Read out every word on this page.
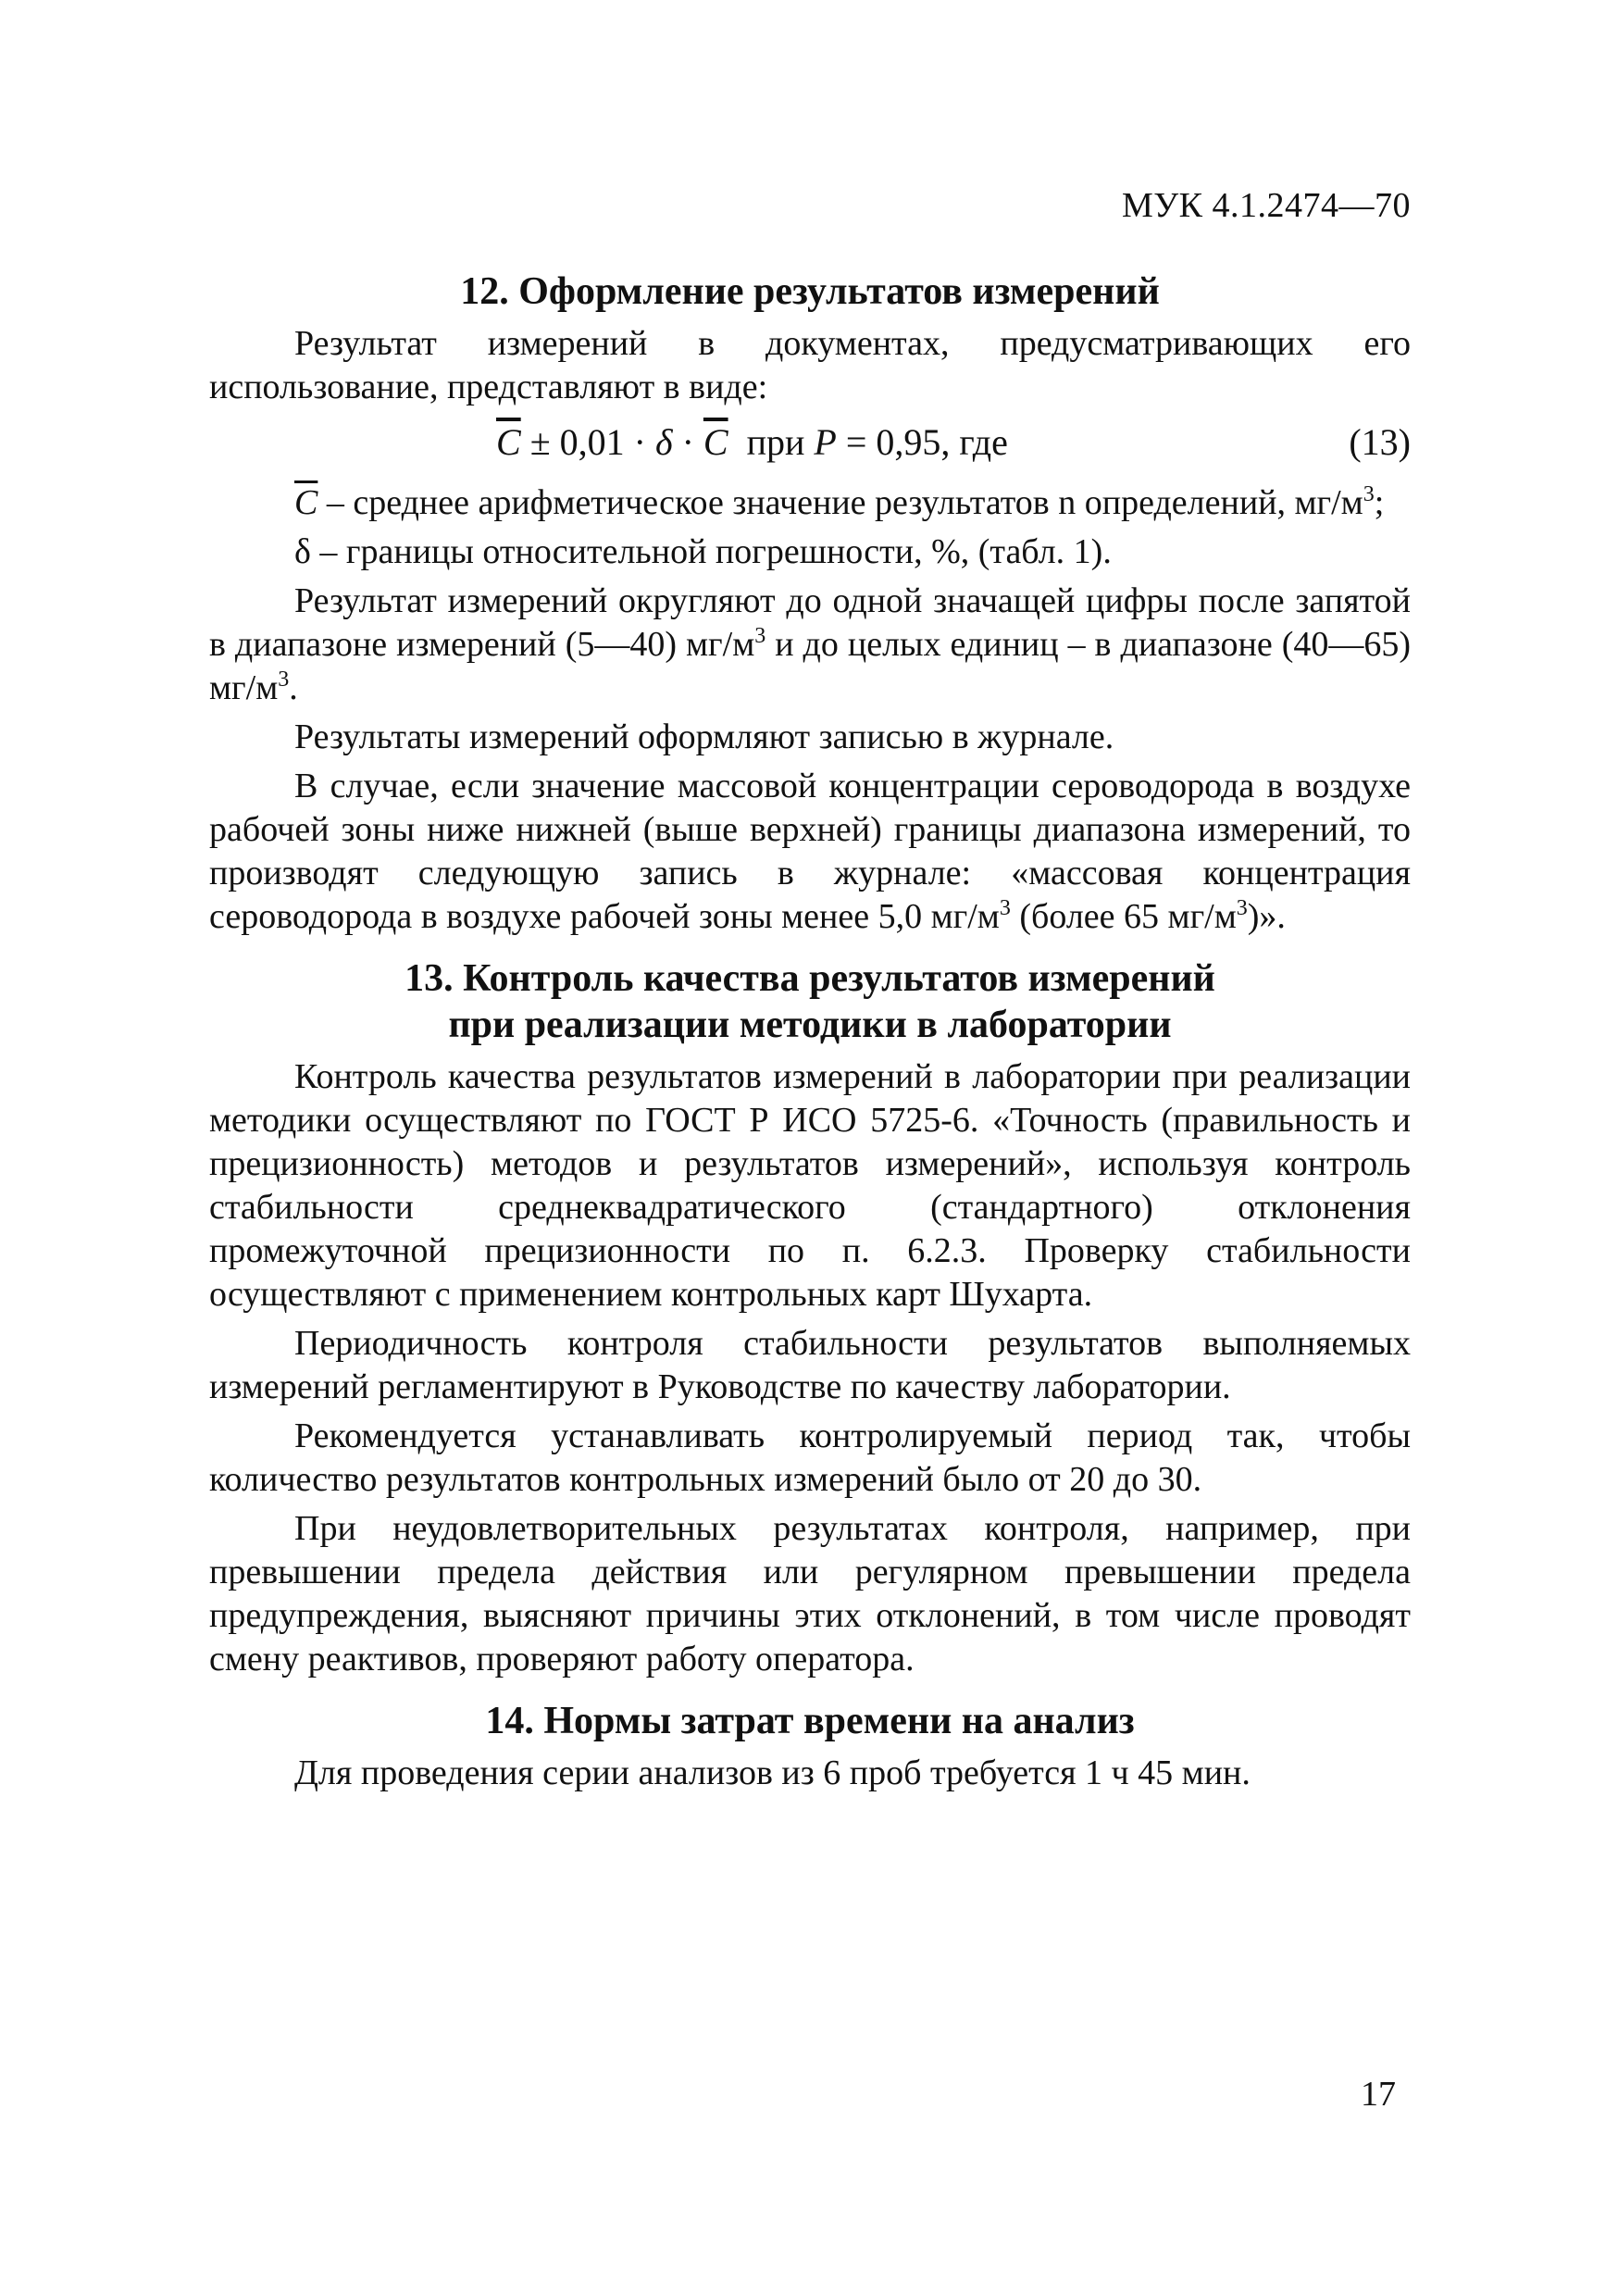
МУК 4.1.2474—70
12. Оформление результатов измерений

Результат измерений в документах, предусматривающих его использование, представляют в виде:

$\overline{C} \pm 0,01 \cdot \delta \cdot \overline{C}$ при P = 0,95, где	(13)

$\overline{C}$ – среднее арифметическое значение результатов n определений, $мг/м^3$;

δ – границы относительной погрешности, %, (табл. 1).

Результат измерений округляют до одной значащей цифры после запятой в диапазоне измерений (5—40) $мг/м^3$ и до целых единиц – в диапазоне (40—65) $мг/м^3$.

Результаты измерений оформляют записью в журнале.

В случае, если значение массовой концентрации сероводорода в воздухе рабочей зоны ниже нижней (выше верхней) границы диапазона измерений, то производят следующую запись в журнале: «массовая концентрация сероводорода в воздухе рабочей зоны менее 5,0 $мг/м^3$ (более 65 $мг/м^3$)».

13. Контроль качества результатов измерений
при реализации методики в лаборатории

Контроль качества результатов измерений в лаборатории при реализации методики осуществляют по ГОСТ Р ИСО 5725-6. «Точность (правильность и прецизионность) методов и результатов измерений», используя контроль стабильности среднеквадратического (стандартного) отклонения промежуточной прецизионности по п. 6.2.3. Проверку стабильности осуществляют с применением контрольных карт Шухарта.

Периодичность контроля стабильности результатов выполняемых измерений регламентируют в Руководстве по качеству лаборатории.

Рекомендуется устанавливать контролируемый период так, чтобы количество результатов контрольных измерений было от 20 до 30.

При неудовлетворительных результатах контроля, например, при превышении предела действия или регулярном превышении предела предупреждения, выясняют причины этих отклонений, в том числе проводят смену реактивов, проверяют работу оператора.

14. Нормы затрат времени на анализ

Для проведения серии анализов из 6 проб требуется 1 ч 45 мин.

17
